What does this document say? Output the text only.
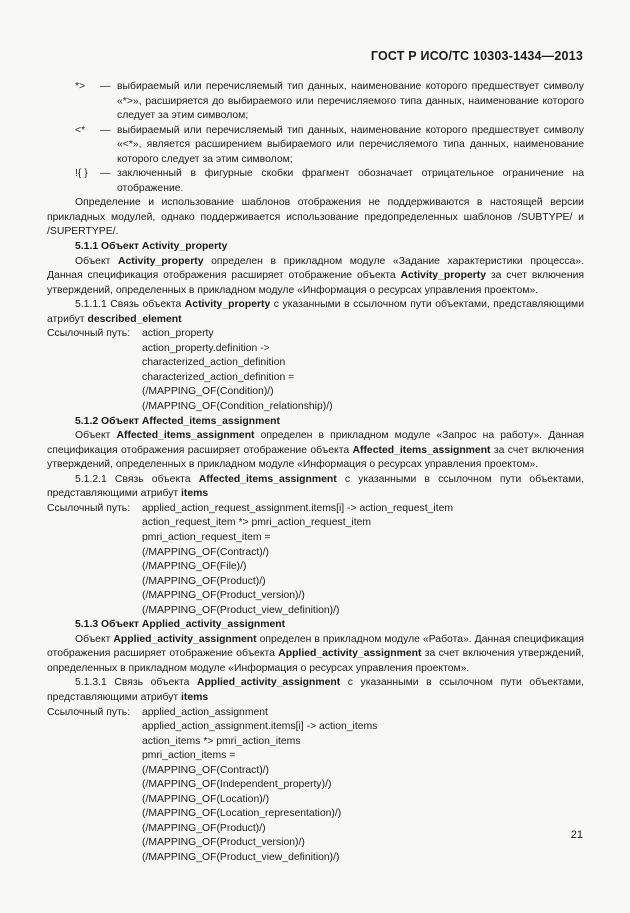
ГОСТ Р ИСО/ТС 10303-1434—2013
*>	— выбираемый или перечисляемый тип данных, наименование которого предшествует символу «*>», расширяется до выбираемого или перечисляемого типа данных, наименование которого следует за этим символом;
<*	— выбираемый или перечисляемый тип данных, наименование которого предшествует символу «<*», является расширением выбираемого или перечисляемого типа данных, наименование которого следует за этим символом;
!{ }	— заключенный в фигурные скобки фрагмент обозначает отрицательное ограничение на отображение.
Определение и использование шаблонов отображения не поддерживаются в настоящей версии прикладных модулей, однако поддерживается использование предопределенных шаблонов /SUBTYPE/ и /SUPERTYPE/.
5.1.1 Объект Activity_property
Объект Activity_property определен в прикладном модуле «Задание характеристики процесса». Данная спецификация отображения расширяет отображение объекта Activity_property за счет включения утверждений, определенных в прикладном модуле «Информация о ресурсах управления проектом».
5.1.1.1 Связь объекта Activity_property с указанными в ссылочном пути объектами, представляющими атрибут described_element
Ссылочный путь:	action_property
action_property.definition ->
characterized_action_definition
characterized_action_definition =
(/MAPPING_OF(Condition)/)
(/MAPPING_OF(Condition_relationship)/)
5.1.2 Объект Affected_items_assignment
Объект Affected_items_assignment определен в прикладном модуле «Запрос на работу». Данная спецификация отображения расширяет отображение объекта Affected_items_assignment за счет включения утверждений, определенных в прикладном модуле «Информация о ресурсах управления проектом».
5.1.2.1 Связь объекта Affected_items_assignment с указанными в ссылочном пути объектами, представляющими атрибут items
Ссылочный путь:	applied_action_request_assignment.items[i] -> action_request_item
action_request_item *> pmri_action_request_item
pmri_action_request_item =
(/MAPPING_OF(Contract)/)
(/MAPPING_OF(File)/)
(/MAPPING_OF(Product)/)
(/MAPPING_OF(Product_version)/)
(/MAPPING_OF(Product_view_definition)/)
5.1.3 Объект Applied_activity_assignment
Объект Applied_activity_assignment определен в прикладном модуле «Работа». Данная спецификация отображения расширяет отображение объекта Applied_activity_assignment за счет включения утверждений, определенных в прикладном модуле «Информация о ресурсах управления проектом».
5.1.3.1 Связь объекта Applied_activity_assignment с указанными в ссылочном пути объектами, представляющими атрибут items
Ссылочный путь:	applied_action_assignment
applied_action_assignment.items[i] -> action_items
action_items *> pmri_action_items
pmri_action_items =
(/MAPPING_OF(Contract)/)
(/MAPPING_OF(Independent_property)/)
(/MAPPING_OF(Location)/)
(/MAPPING_OF(Location_representation)/)
(/MAPPING_OF(Product)/)
(/MAPPING_OF(Product_version)/)
(/MAPPING_OF(Product_view_definition)/)
21
